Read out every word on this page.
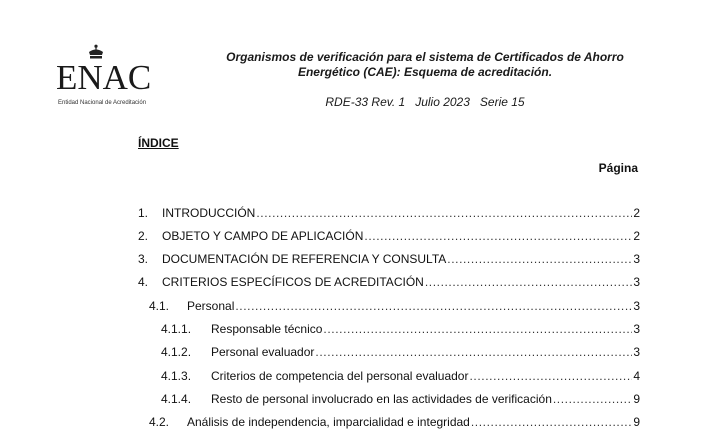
ENAC
Entidad Nacional de Acreditación
Organismos de verificación para el sistema de Certificados de Ahorro
Energético (CAE): Esquema de acreditación.
RDE-33 Rev. 1   Julio 2023   Serie 15
ÍNDICE
Página
1.	INTRODUCCIÓN .....	2
2.	OBJETO Y CAMPO DE APLICACIÓN .....	2
3.	DOCUMENTACIÓN DE REFERENCIA Y CONSULTA .....	3
4.	CRITERIOS ESPECÍFICOS DE ACREDITACIÓN .....	3
4.1.	Personal .....	3
4.1.1.	Responsable técnico .....	3
4.1.2.	Personal evaluador .....	3
4.1.3.	Criterios de competencia del personal evaluador .....	4
4.1.4.	Resto de personal involucrado en las actividades de verificación .....	9
4.2.	Análisis de independencia, imparcialidad e integridad .....	9
